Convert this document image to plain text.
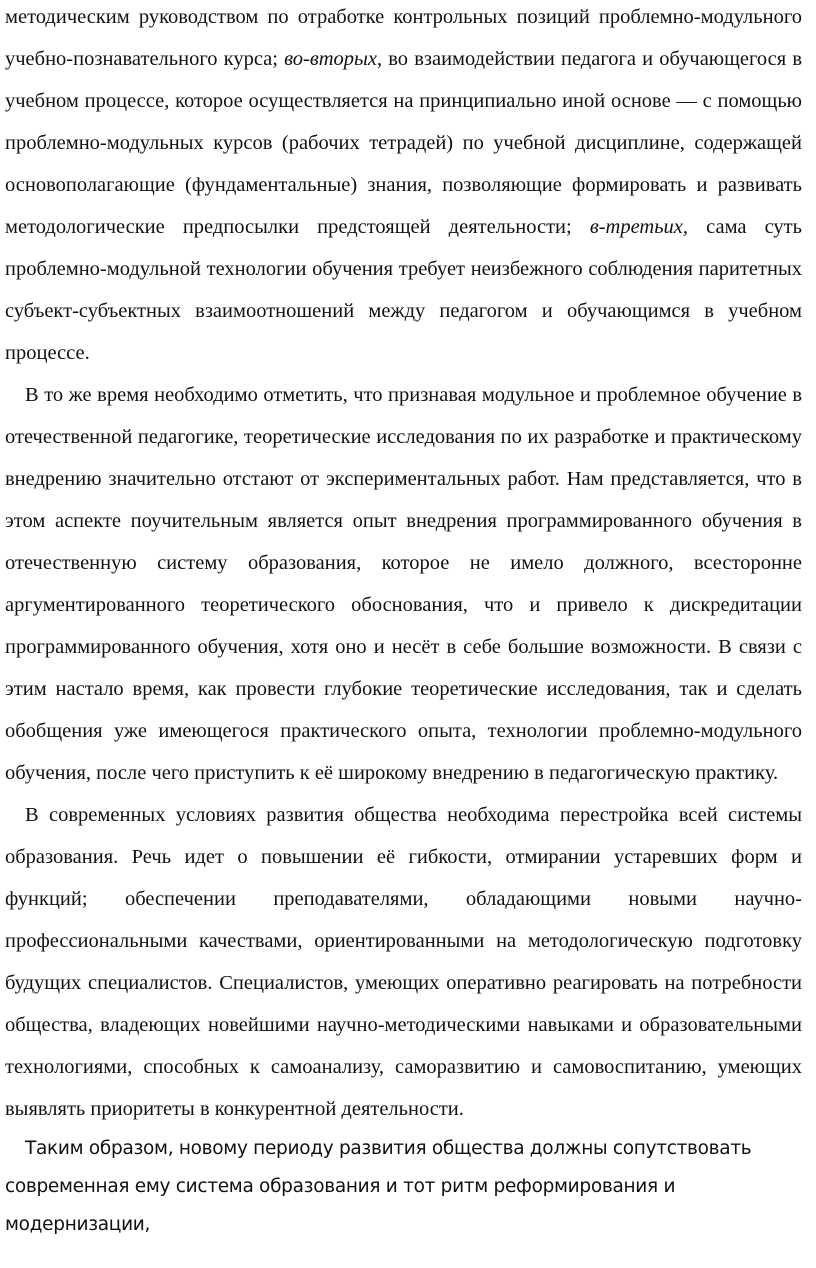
методическим руководством по отработке контрольных позиций проблемно-модульного учебно-познавательного курса; во-вторых, во взаимодействии педагога и обучающегося в учебном процессе, которое осуществляется на принципиально иной основе — с помощью проблемно-модульных курсов (рабочих тетрадей) по учебной дисциплине, содержащей основополагающие (фундаментальные) знания, позволяющие формировать и развивать методологические предпосылки предстоящей деятельности; в-третьих, сама суть проблемно-модульной технологии обучения требует неизбежного соблюдения паритетных субъект-субъектных взаимоотношений между педагогом и обучающимся в учебном процессе.

В то же время необходимо отметить, что признавая модульное и проблемное обучение в отечественной педагогике, теоретические исследования по их разработке и практическому внедрению значительно отстают от экспериментальных работ. Нам представляется, что в этом аспекте поучительным является опыт внедрения программированного обучения в отечественную систему образования, которое не имело должного, всесторонне аргументированного теоретического обоснования, что и привело к дискредитации программированного обучения, хотя оно и несёт в себе большие возможности. В связи с этим настало время, как провести глубокие теоретические исследования, так и сделать обобщения уже имеющегося практического опыта, технологии проблемно-модульного обучения, после чего приступить к её широкому внедрению в педагогическую практику.

В современных условиях развития общества необходима перестройка всей системы образования. Речь идет о повышении её гибкости, отмирании устаревших форм и функций; обеспечении преподавателями, обладающими новыми научно-профессиональными качествами, ориентированными на методологическую подготовку будущих специалистов. Специалистов, умеющих оперативно реагировать на потребности общества, владеющих новейшими научно-методическими навыками и образовательными технологиями, способных к самоанализу, саморазвитию и самовоспитанию, умеющих выявлять приоритеты в конкурентной деятельности.

Таким образом, новому периоду развития общества должны сопутствовать современная ему система образования и тот ритм реформирования и модернизации,
